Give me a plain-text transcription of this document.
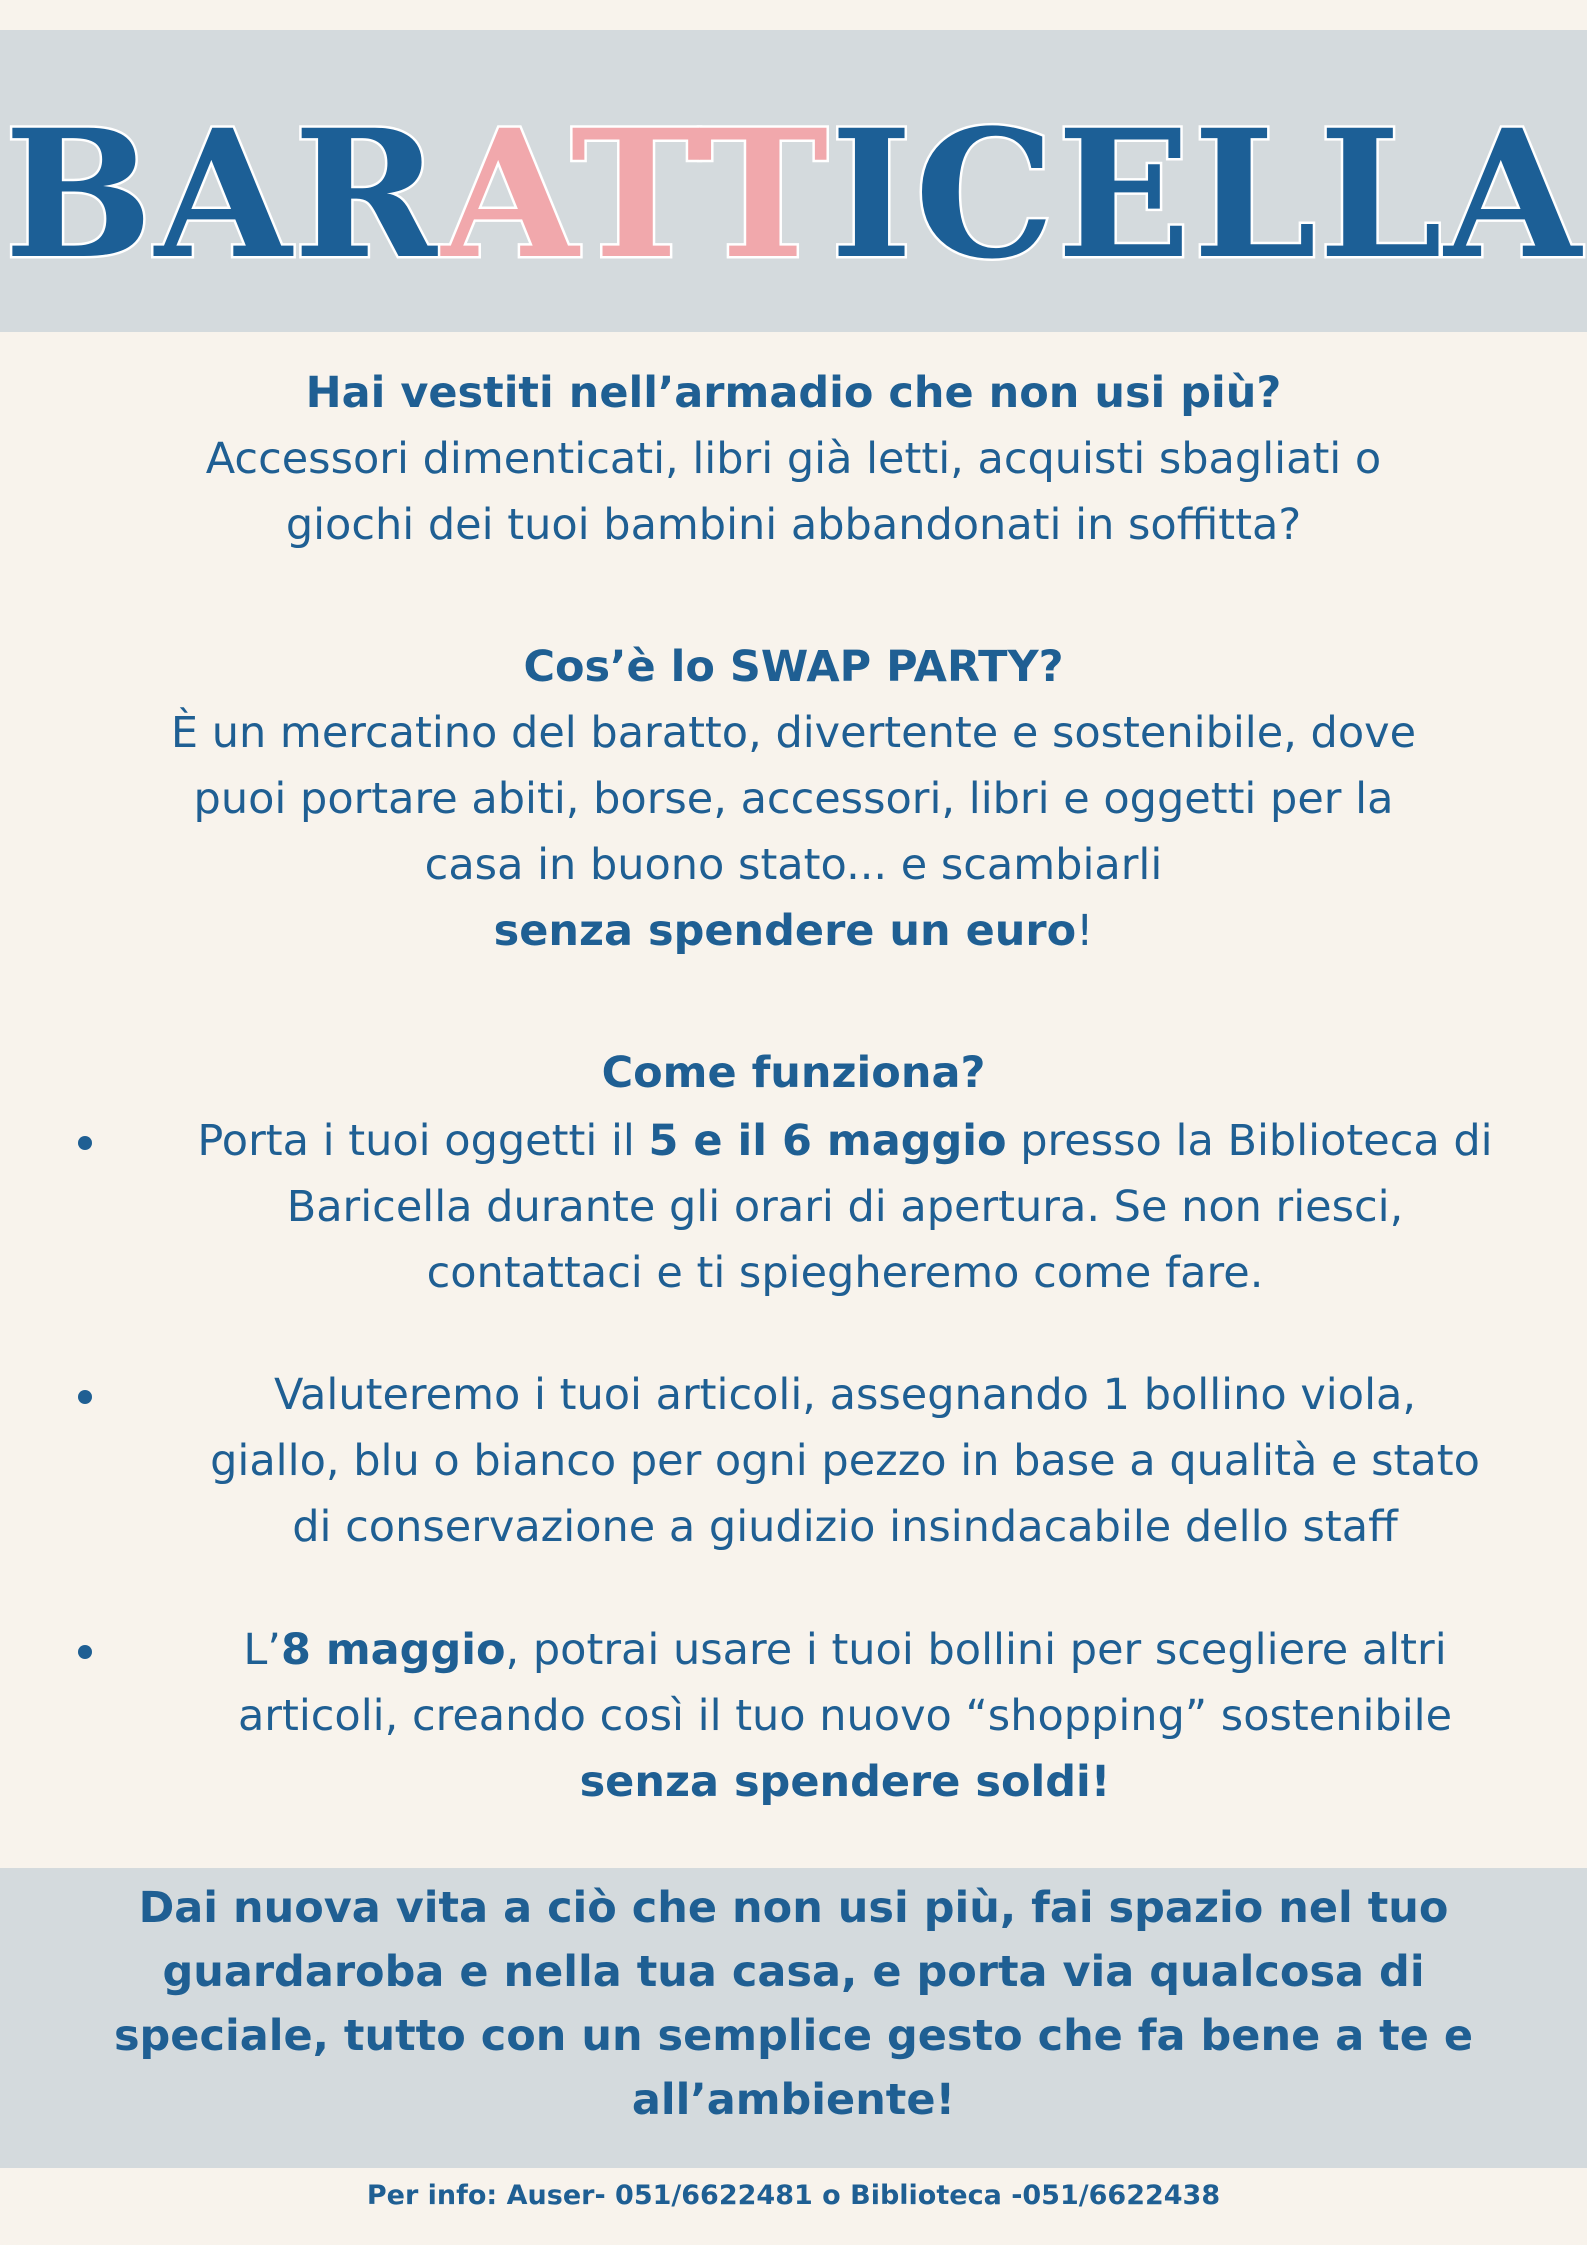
BARATTICELLA

Hai vestiti nell’armadio che non usi più?

Accessori dimenticati, libri già letti, acquisti sbagliati o

giochi dei tuoi bambini abbandonati in soffitta?

Cos’è lo SWAP PARTY?

È un mercatino del baratto, divertente e sostenibile, dove

puoi portare abiti, borse, accessori, libri e oggetti per la

casa in buono stato... e scambiarli

senza spendere un euro!

Come funziona?

Porta i tuoi oggetti il 5 e il 6 maggio presso la Biblioteca di

Baricella durante gli orari di apertura. Se non riesci,

contattaci e ti spiegheremo come fare.

Valuteremo i tuoi articoli, assegnando 1 bollino viola,

giallo, blu o bianco per ogni pezzo in base a qualità e stato

di conservazione a giudizio insindacabile dello staff

L’8 maggio, potrai usare i tuoi bollini per scegliere altri

articoli, creando così il tuo nuovo “shopping” sostenibile

senza spendere soldi!

Dai nuova vita a ciò che non usi più, fai spazio nel tuo

guardaroba e nella tua casa, e porta via qualcosa di

speciale, tutto con un semplice gesto che fa bene a te e

all’ambiente!

Per info: Auser- 051/6622481 o Biblioteca -051/6622438
